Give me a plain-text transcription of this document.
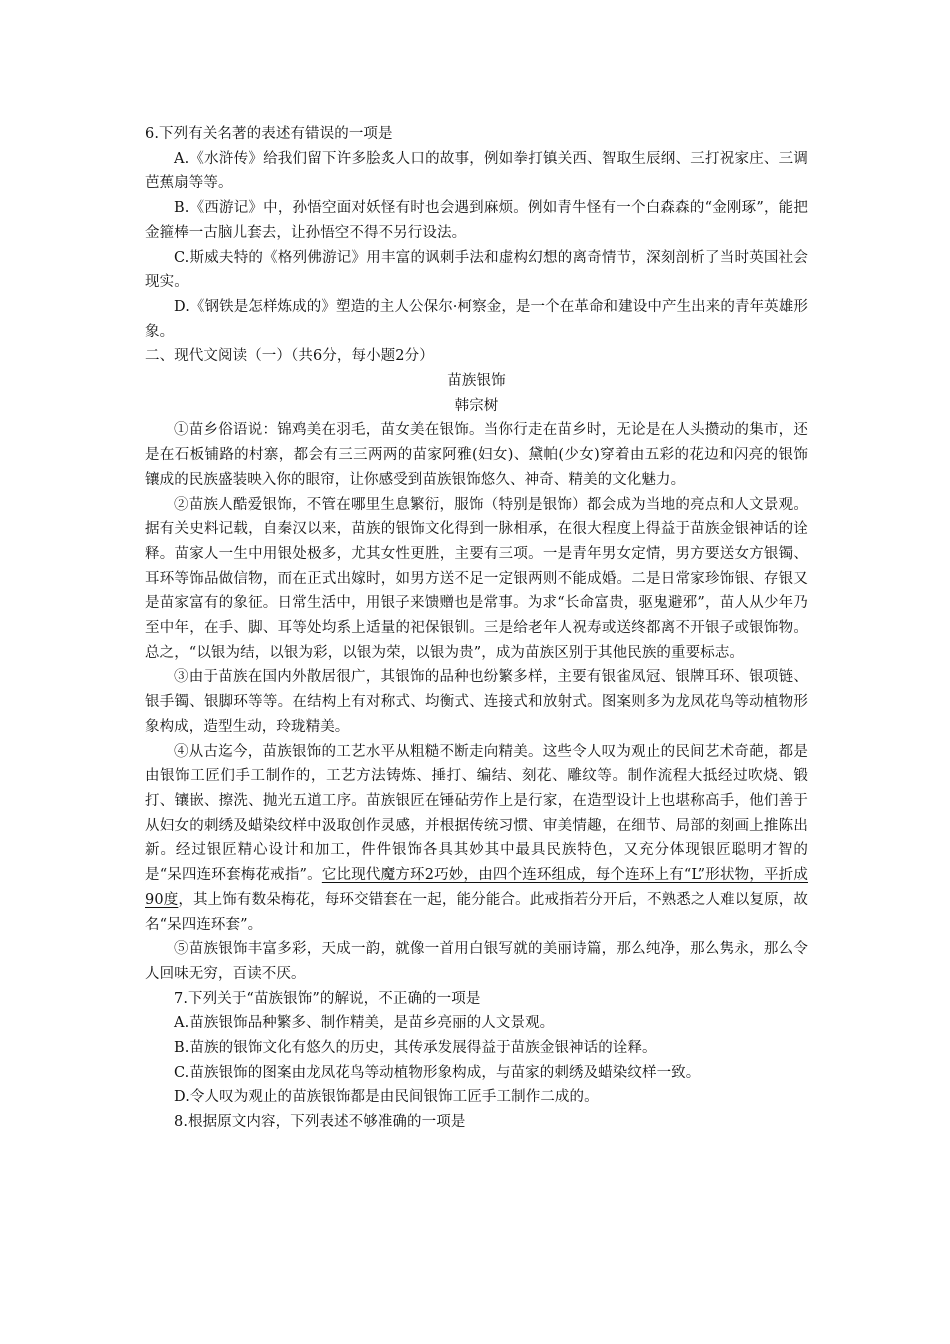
6.下列有关名著的表述有错误的一项是

A.《水浒传》给我们留下许多脍炙人口的故事，例如拳打镇关西、智取生辰纲、三打祝家庄、三调芭蕉扇等等。

B.《西游记》中，孙悟空面对妖怪有时也会遇到麻烦。例如青牛怪有一个白森森的“金刚琢”，能把金箍棒一古脑儿套去，让孙悟空不得不另行设法。

C.斯威夫特的《格列佛游记》用丰富的讽刺手法和虚构幻想的离奇情节，深刻剖析了当时英国社会现实。

D.《钢铁是怎样炼成的》塑造的主人公保尔·柯察金，是一个在革命和建设中产生出来的青年英雄形象。

二、现代文阅读（一）（共6分，每小题2分）

苗族银饰

韩宗树

①苗乡俗语说：锦鸡美在羽毛，苗女美在银饰。当你行走在苗乡时，无论是在人头攒动的集市，还是在石板铺路的村寨，都会有三三两两的苗家阿雅(妇女)、黛帕(少女)穿着由五彩的花边和闪亮的银饰镶成的民族盛装映入你的眼帘，让你感受到苗族银饰悠久、神奇、精美的文化魅力。

②苗族人酷爱银饰，不管在哪里生息繁衍，服饰（特别是银饰）都会成为当地的亮点和人文景观。据有关史料记载，自秦汉以来，苗族的银饰文化得到一脉相承，在很大程度上得益于苗族金银神话的诠释。苗家人一生中用银处极多，尤其女性更胜，主要有三项。一是青年男女定情，男方要送女方银镯、耳环等饰品做信物，而在正式出嫁时，如男方送不足一定银两则不能成婚。二是日常家珍饰银、存银又是苗家富有的象征。日常生活中，用银子来馈赠也是常事。为求“长命富贵，驱鬼避邪”，苗人从少年乃至中年，在手、脚、耳等处均系上适量的祀保银钏。三是给老年人祝寿或送终都离不开银子或银饰物。总之，“以银为结，以银为彩，以银为荣，以银为贵”，成为苗族区别于其他民族的重要标志。

③由于苗族在国内外散居很广，其银饰的品种也纷繁多样，主要有银雀凤冠、银牌耳环、银项链、银手镯、银脚环等等。在结构上有对称式、均衡式、连接式和放射式。图案则多为龙凤花鸟等动植物形象构成，造型生动，玲珑精美。

④从古迄今，苗族银饰的工艺水平从粗糙不断走向精美。这些令人叹为观止的民间艺术奇葩，都是由银饰工匠们手工制作的，工艺方法铸炼、捶打、编结、刻花、雕纹等。制作流程大抵经过吹烧、锻打、镶嵌、擦洗、抛光五道工序。苗族银匠在锤砧劳作上是行家，在造型设计上也堪称高手，他们善于从妇女的刺绣及蜡染纹样中汲取创作灵感，并根据传统习惯、审美情趣，在细节、局部的刻画上推陈出新。经过银匠精心设计和加工，件件银饰各具其妙其中最具民族特色，又充分体现银匠聪明才智的是“呆四连环套梅花戒指”。它比现代魔方环2巧妙，由四个连环组成，每个连环上有“L”形状物，平折成90度，其上饰有数朵梅花，每环交错套在一起，能分能合。此戒指若分开后，不熟悉之人难以复原，故名“呆四连环套”。

⑤苗族银饰丰富多彩，天成一韵，就像一首用白银写就的美丽诗篇，那么纯净，那么隽永，那么令人回味无穷，百读不厌。

7.下列关于“苗族银饰”的解说，不正确的一项是

A.苗族银饰品种繁多、制作精美，是苗乡亮丽的人文景观。

B.苗族的银饰文化有悠久的历史，其传承发展得益于苗族金银神话的诠释。

C.苗族银饰的图案由龙凤花鸟等动植物形象构成，与苗家的刺绣及蜡染纹样一致。

D.令人叹为观止的苗族银饰都是由民间银饰工匠手工制作二成的。

8.根据原文内容，下列表述不够准确的一项是
